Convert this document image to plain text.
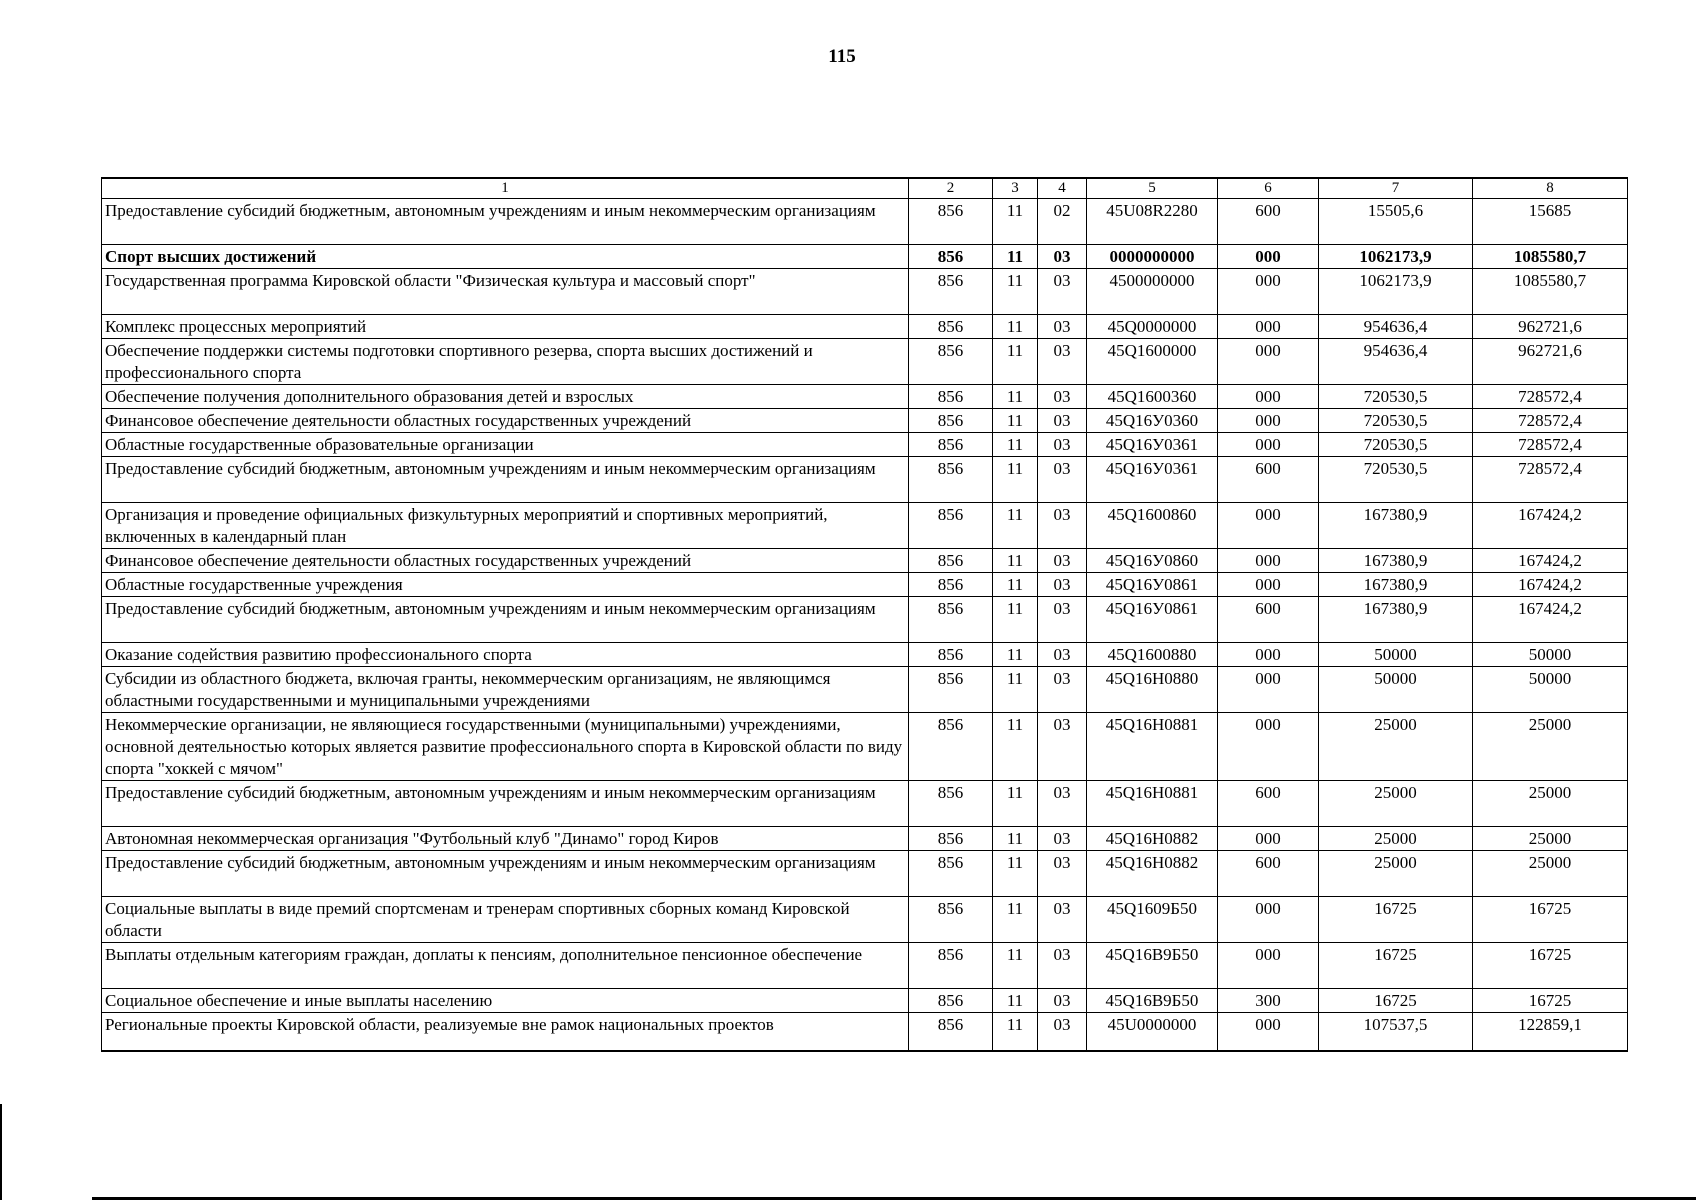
115
1	2	3	4	5	6	7	8
Предоставление субсидий бюджетным, автономным учреждениям и иным некоммерческим организациям	856	11	02	45U08R2280	600	15505,6	15685
Спорт высших достижений	856	11	03	0000000000	000	1062173,9	1085580,7
Государственная программа Кировской области "Физическая культура и массовый спорт"	856	11	03	4500000000	000	1062173,9	1085580,7
Комплекс процессных мероприятий	856	11	03	45Q0000000	000	954636,4	962721,6
Обеспечение поддержки системы подготовки спортивного резерва, спорта высших достижений и профессионального спорта	856	11	03	45Q1600000	000	954636,4	962721,6
Обеспечение получения дополнительного образования детей и взрослых	856	11	03	45Q1600360	000	720530,5	728572,4
Финансовое обеспечение деятельности областных государственных учреждений	856	11	03	45Q16У0360	000	720530,5	728572,4
Областные государственные образовательные организации	856	11	03	45Q16У0361	000	720530,5	728572,4
Предоставление субсидий бюджетным, автономным учреждениям и иным некоммерческим организациям	856	11	03	45Q16У0361	600	720530,5	728572,4
Организация и проведение официальных физкультурных мероприятий и спортивных мероприятий, включенных в календарный план	856	11	03	45Q1600860	000	167380,9	167424,2
Финансовое обеспечение деятельности областных государственных учреждений	856	11	03	45Q16У0860	000	167380,9	167424,2
Областные государственные учреждения	856	11	03	45Q16У0861	000	167380,9	167424,2
Предоставление субсидий бюджетным, автономным учреждениям и иным некоммерческим организациям	856	11	03	45Q16У0861	600	167380,9	167424,2
Оказание содействия развитию профессионального спорта	856	11	03	45Q1600880	000	50000	50000
Субсидии из областного бюджета, включая гранты, некоммерческим организациям, не являющимся областными государственными и муниципальными учреждениями	856	11	03	45Q16Н0880	000	50000	50000
Некоммерческие организации, не являющиеся государственными (муниципальными) учреждениями, основной деятельностью которых является развитие профессионального спорта в Кировской области по виду спорта "хоккей с мячом"	856	11	03	45Q16Н0881	000	25000	25000
Предоставление субсидий бюджетным, автономным учреждениям и иным некоммерческим организациям	856	11	03	45Q16Н0881	600	25000	25000
Автономная некоммерческая организация "Футбольный клуб "Динамо" город Киров	856	11	03	45Q16Н0882	000	25000	25000
Предоставление субсидий бюджетным, автономным учреждениям и иным некоммерческим организациям	856	11	03	45Q16Н0882	600	25000	25000
Социальные выплаты в виде премий спортсменам и тренерам спортивных сборных команд Кировской области	856	11	03	45Q1609Б50	000	16725	16725
Выплаты отдельным категориям граждан, доплаты к пенсиям, дополнительное пенсионное обеспечение	856	11	03	45Q16В9Б50	000	16725	16725
Социальное обеспечение и иные выплаты населению	856	11	03	45Q16В9Б50	300	16725	16725
Региональные проекты Кировской области, реализуемые вне рамок национальных проектов	856	11	03	45U0000000	000	107537,5	122859,1
